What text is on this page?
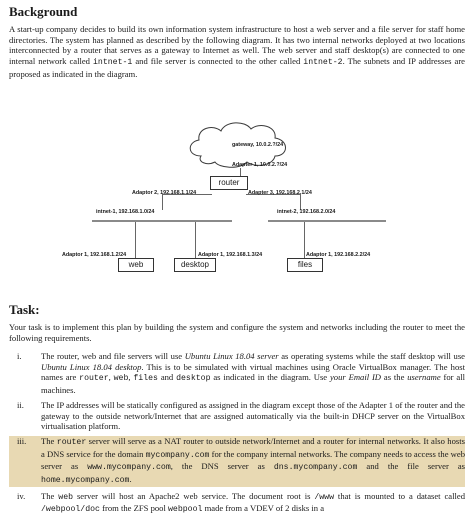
Background

A start-up company decides to build its own information system infrastructure to host a web server and a file server for staff home directories. The system has planned as described by the following diagram. It has two internal networks deployed at two locations interconnected by a router that serves as a gateway to Internet as well. The web server and staff desktop(s) are connected to one internal network called intnet-1 and file server is connected to the other called intnet-2. The subnets and IP addresses are proposed as indicated in the diagram.

gateway, 10.0.2.?/24
Adapter 1, 10.0.2.?/24
router
Adaptor 2, 192.168.1.1/24	Adapter 3, 192.168.2.1/24
intnet-1, 192.168.1.0/24	intnet-2, 192.168.2.0/24
Adaptor 1, 192.168.1.2/24	Adaptor 1, 192.168.1.3/24	Adaptor 1, 192.168.2.2/24
web	desktop	files
Task:

Your task is to implement this plan by building the system and configure the system and networks including the router to meet the following requirements.

i.	The router, web and file servers will use Ubuntu Linux 18.04 server as operating systems while the staff desktop will use Ubuntu Linux 18.04 desktop. This is to be simulated with virtual machines using Oracle VirtualBox manager. The host names are router, web, files and desktop as indicated in the diagram. Use your Email ID as the username for all machines.
ii.	The IP addresses will be statically configured as assigned in the diagram except those of the Adapter 1 of the router and the gateway to the outside network/Internet that are assigned automatically via the built-in DHCP server on the VirtualBox virtualisation platform.
iii.	The router server will serve as a NAT router to outside network/Internet and a router for internal networks. It also hosts a DNS service for the domain mycompany.com for the company internal networks. The company needs to access the web server as www.mycompany.com, the DNS server as dns.mycompany.com and the file server as home.mycompany.com.
iv.	The web server will host an Apache2 web service. The document root is /www that is mounted to a dataset called /webpool/doc from the ZFS pool webpool made from a VDEV of 2 disks in a
